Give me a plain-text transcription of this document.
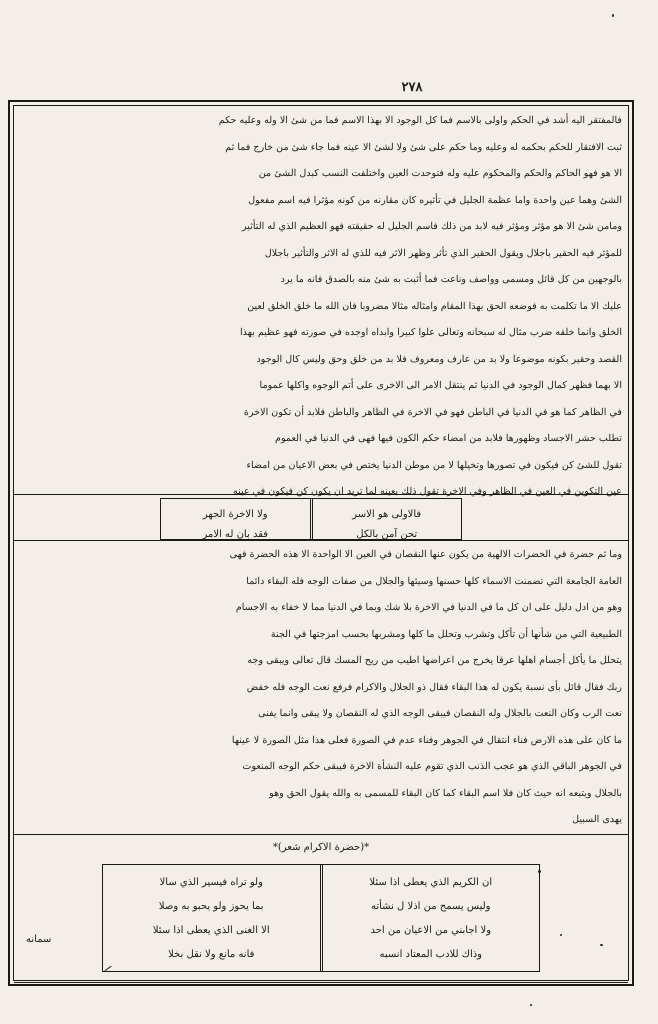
٢٧٨
فالمفتقر اليه أشد في الحكم واولى بالاسم فما كل الوجود الا بهذا الاسم فما من شئ الا وله وعليه حكم
ثبت الافتقار للحكم بحكمه له وعليه وما حكم على شئ ولا لشئ الا عينه فما جاء شئ من خارج فما ثم
الا هو فهو الحاكم والحكم والمحكوم عليه وله فتوحدت العين واختلفت النسب كبدل الشئ من
الشئ وهما عين واحدة واما عظمة الجليل في تأثيره كان مقارنه من كونه مؤثرا فيه اسم مفعول
ومامن شئ الا هو مؤثر ومؤثر فيه لابد من ذلك فاسم الجليل له حقيقته فهو العظيم الذي له التأثير
للمؤثر فيه الحقير باجلال ويقول الحقير الذي تأثر وظهر الاثر فيه للذي له الاثر والتأثير باجلال
بالوجهين من كل قائل ومسمى وواصف وناعت فما أثبت به شئ منه بالصدق فانه ما يرد
عليك الا ما تكلمت به فوضعه الحق بهذا المقام وامثاله مثالا مضروبا فان الله ما خلق الخلق لعين
الخلق وانما خلقه ضرب مثال له سبحانه وتعالى علوا كبيرا وابداه اوجده في صورته فهو عظيم بهذا
القصد وحقير بكونه موضوعا ولا بد من عارف ومعروف فلا بد من خلق وحق وليس كال الوجود
الا بهما فظهر كمال الوجود في الدنيا ثم ينتقل الامر الى الاخرى على أتم الوجوه واكلها عموما
في الظاهر كما هو في الدنيا في الباطن فهو في الاخرة في الظاهر والباطن فلابد أن تكون الاخرة
تطلب حشر الاجساد وظهورها فلابد من امضاء حكم الكون فيها فهى في الدنيا في العموم
تقول للشئ كن فيكون في تصورها وتخيلها لا من موطن الدنيا يختص في بعض الاعيان من امضاء
عين التكوين في العين في الظاهر وفي الاخرة تقول ذلك بعينه لما تريد ان يكون كن فيكون في عينه
فالاولى هو الاسر
تحن آمن بالكل
ولا الاخرة الجهر
فقد بان له الامر
وما ثم حضرة في الحضرات الالهية من يكون عنها النقصان في العين الا الواحدة الا هذه الحضرة فهى
العامة الجامعة التي تضمنت الاسماء كلها حسنها وسيئها والجلال من صفات الوجه فله البقاء دائما
وهو من ادل دليل على ان كل ما في الدنيا في الاخرة بلا شك وبما في الدنيا مما لا خفاء به الاجسام
الطبيعية التي من شأنها أن تأكل وتشرب وتحلل ما كلها ومشربها بحسب امزجتها في الجنة
يتحلل ما يأكل أجسام اهلها عرقا يخرج من اعراضها اطيب من ريح المسك قال تعالى ويبقى وجه
ربك فقال قائل بأى نسبة يكون له هذا البقاء فقال ذو الجلال والاكرام فرفع نعت الوجه فله خفض
نعت الرب وكان النعت بالجلال وله النقصان فيبقى الوجه الذي له النقصان ولا يبقى وانما يفنى
ما كان على هذه الارض فناء انتقال في الجوهر وفناء عدم في الصورة فعلى هذا مثل الصورة لا عينها
في الجوهر الباقي الذي هو عجب الذنب الذي تقوم عليه النشأة الاخرة فيبقى حكم الوجه المنعوت
بالجلال ويتبعه انه حيث كان فلا اسم البقاء كما كان البقاء للمسمى به والله يقول الحق وهو
يهدى السبيل
*(حضرة الاكرام شعر)*
ان الكريم الذي يعطى اذا سئلا
وليس يسمح من اذلا ل نشأته
ولا اجابني من الاعيان من احد
وذاك للادب المعتاد انسبه
ولو تراه فيسير الذي سالا
بما يحوز ولو يحبو به وصلا
الا الغنى الذي يعطى اذا سئلا
فانه مانع ولا نقل بخلا
سمانه
